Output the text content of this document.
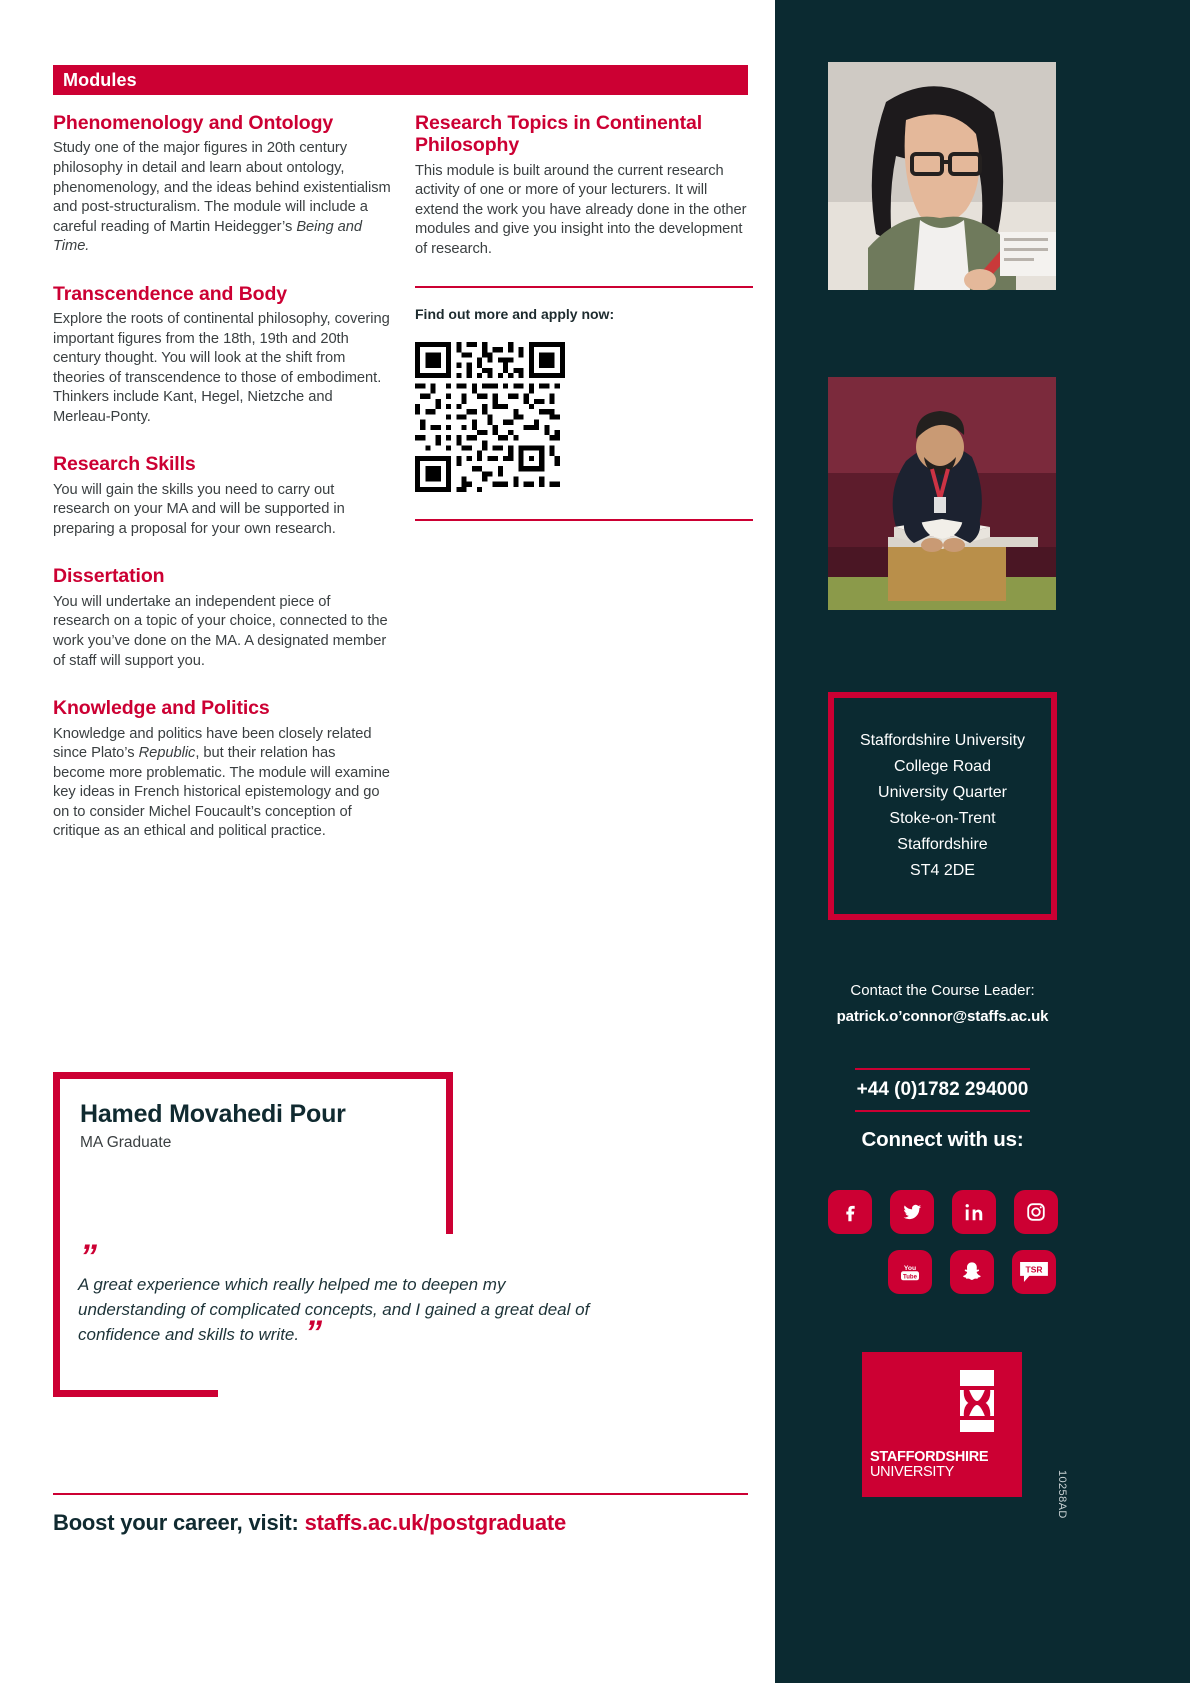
Modules
Phenomenology and Ontology

Study one of the major figures in 20th century philosophy in detail and learn about ontology, phenomenology, and the ideas behind existentialism and post-structuralism. The module will include a careful reading of Martin Heidegger’s Being and Time.

Transcendence and Body

Explore the roots of continental philosophy, covering important figures from the 18th, 19th and 20th century thought. You will look at the shift from theories of transcendence to those of embodiment. Thinkers include Kant, Hegel, Nietzche and Merleau-Ponty.

Research Skills

You will gain the skills you need to carry out research on your MA and will be supported in preparing a proposal for your own research.

Dissertation

You will undertake an independent piece of research on a topic of your choice, connected to the work you’ve done on the MA. A designated member of staff will support you.

Knowledge and Politics

Knowledge and politics have been closely related since Plato’s Republic, but their relation has become more problematic. The module will examine key ideas in French historical epistemology and go on to consider Michel Foucault’s conception of critique as an ethical and political practice.

Research Topics in Continental Philosophy

This module is built around the current research activity of one or more of your lecturers. It will extend the work you have already done in the other modules and give you insight into the development of research.

Find out more and apply now:
Hamed Movahedi Pour
MA Graduate
”
A great experience which really helped me to deepen my understanding of complicated concepts, and I gained a great deal of confidence and skills to write. ”
Boost your career, visit: staffs.ac.uk/postgraduate
Staffordshire University
College Road
University Quarter
Stoke-on-Trent
Staffordshire
ST4 2DE
Contact the Course Leader:
patrick.o’connor@staffs.ac.uk
+44 (0)1782 294000
Connect with us:
You
Tube
TSR
STAFFORDSHIRE
UNIVERSITY	10258AD
